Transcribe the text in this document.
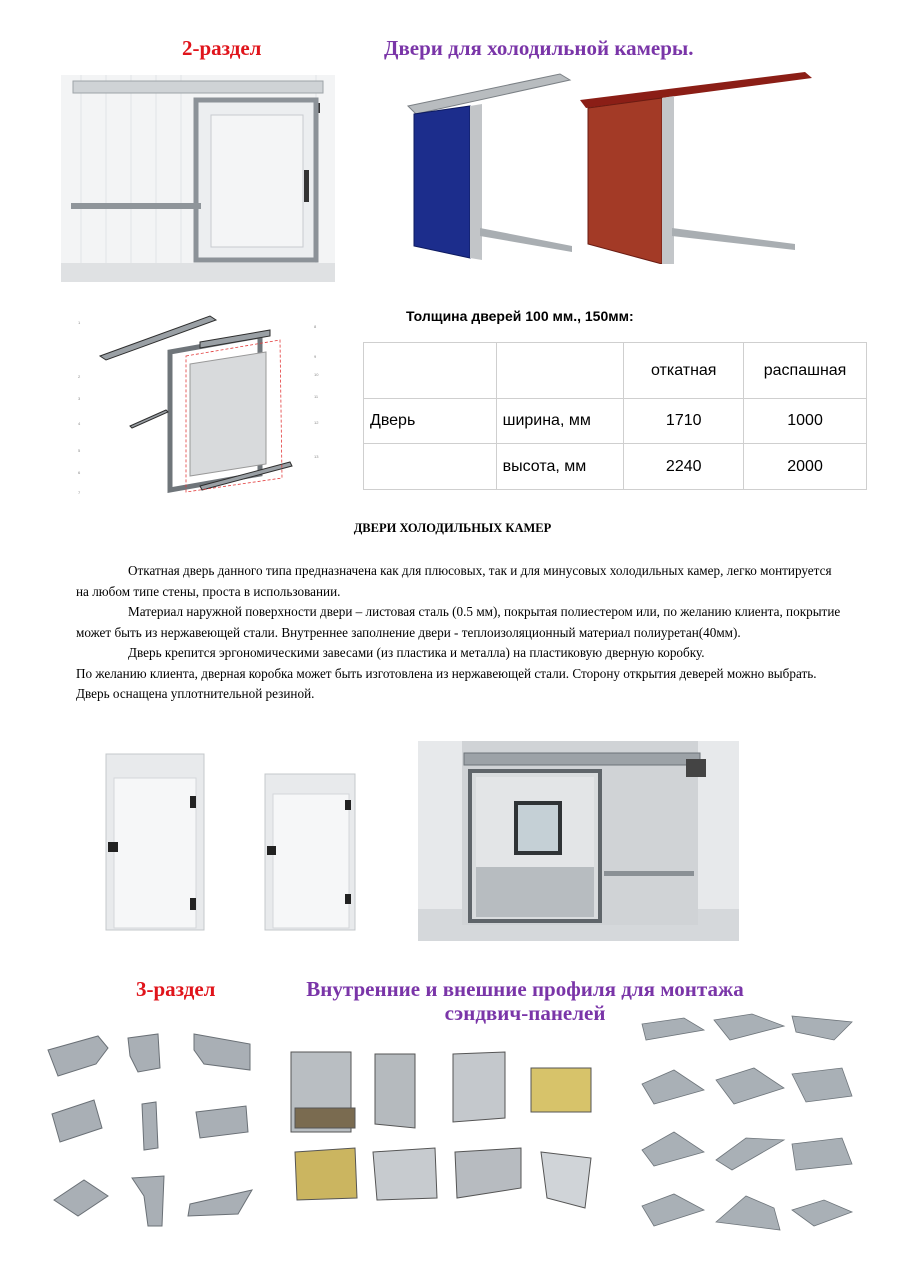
2-раздел	Двери для холодильной камеры.
1
2
3
4
5
6
7
8
9
10
11
12
13
Толщина дверей 100 мм., 150мм:
		откатная	распашная
Дверь	ширина, мм	1710	1000
	высота, мм	2240	2000
ДВЕРИ ХОЛОДИЛЬНЫХ КАМЕР

Откатная дверь данного типа предназначена как для плюсовых, так и для минусовых холодильных камер, легко монтируется на любом типе стены, проста в использовании.

Материал наружной поверхности двери – листовая сталь (0.5 мм), покрытая полиестером или, по желанию клиента, покрытие может быть из нержавеющей стали. Внутреннее заполнение двери - теплоизоляционный материал полиуретан(40мм).

Дверь крепится эргономическими завесами (из пластика и металла) на пластиковую дверную коробку.

По желанию клиента, дверная коробка может быть изготовлена из нержавеющей стали. Сторону открытия деверей можно выбрать. Дверь оснащена уплотнительной резиной.

3-раздел	Внутренние и внешние профиля для монтажа
сэндвич-панелей
